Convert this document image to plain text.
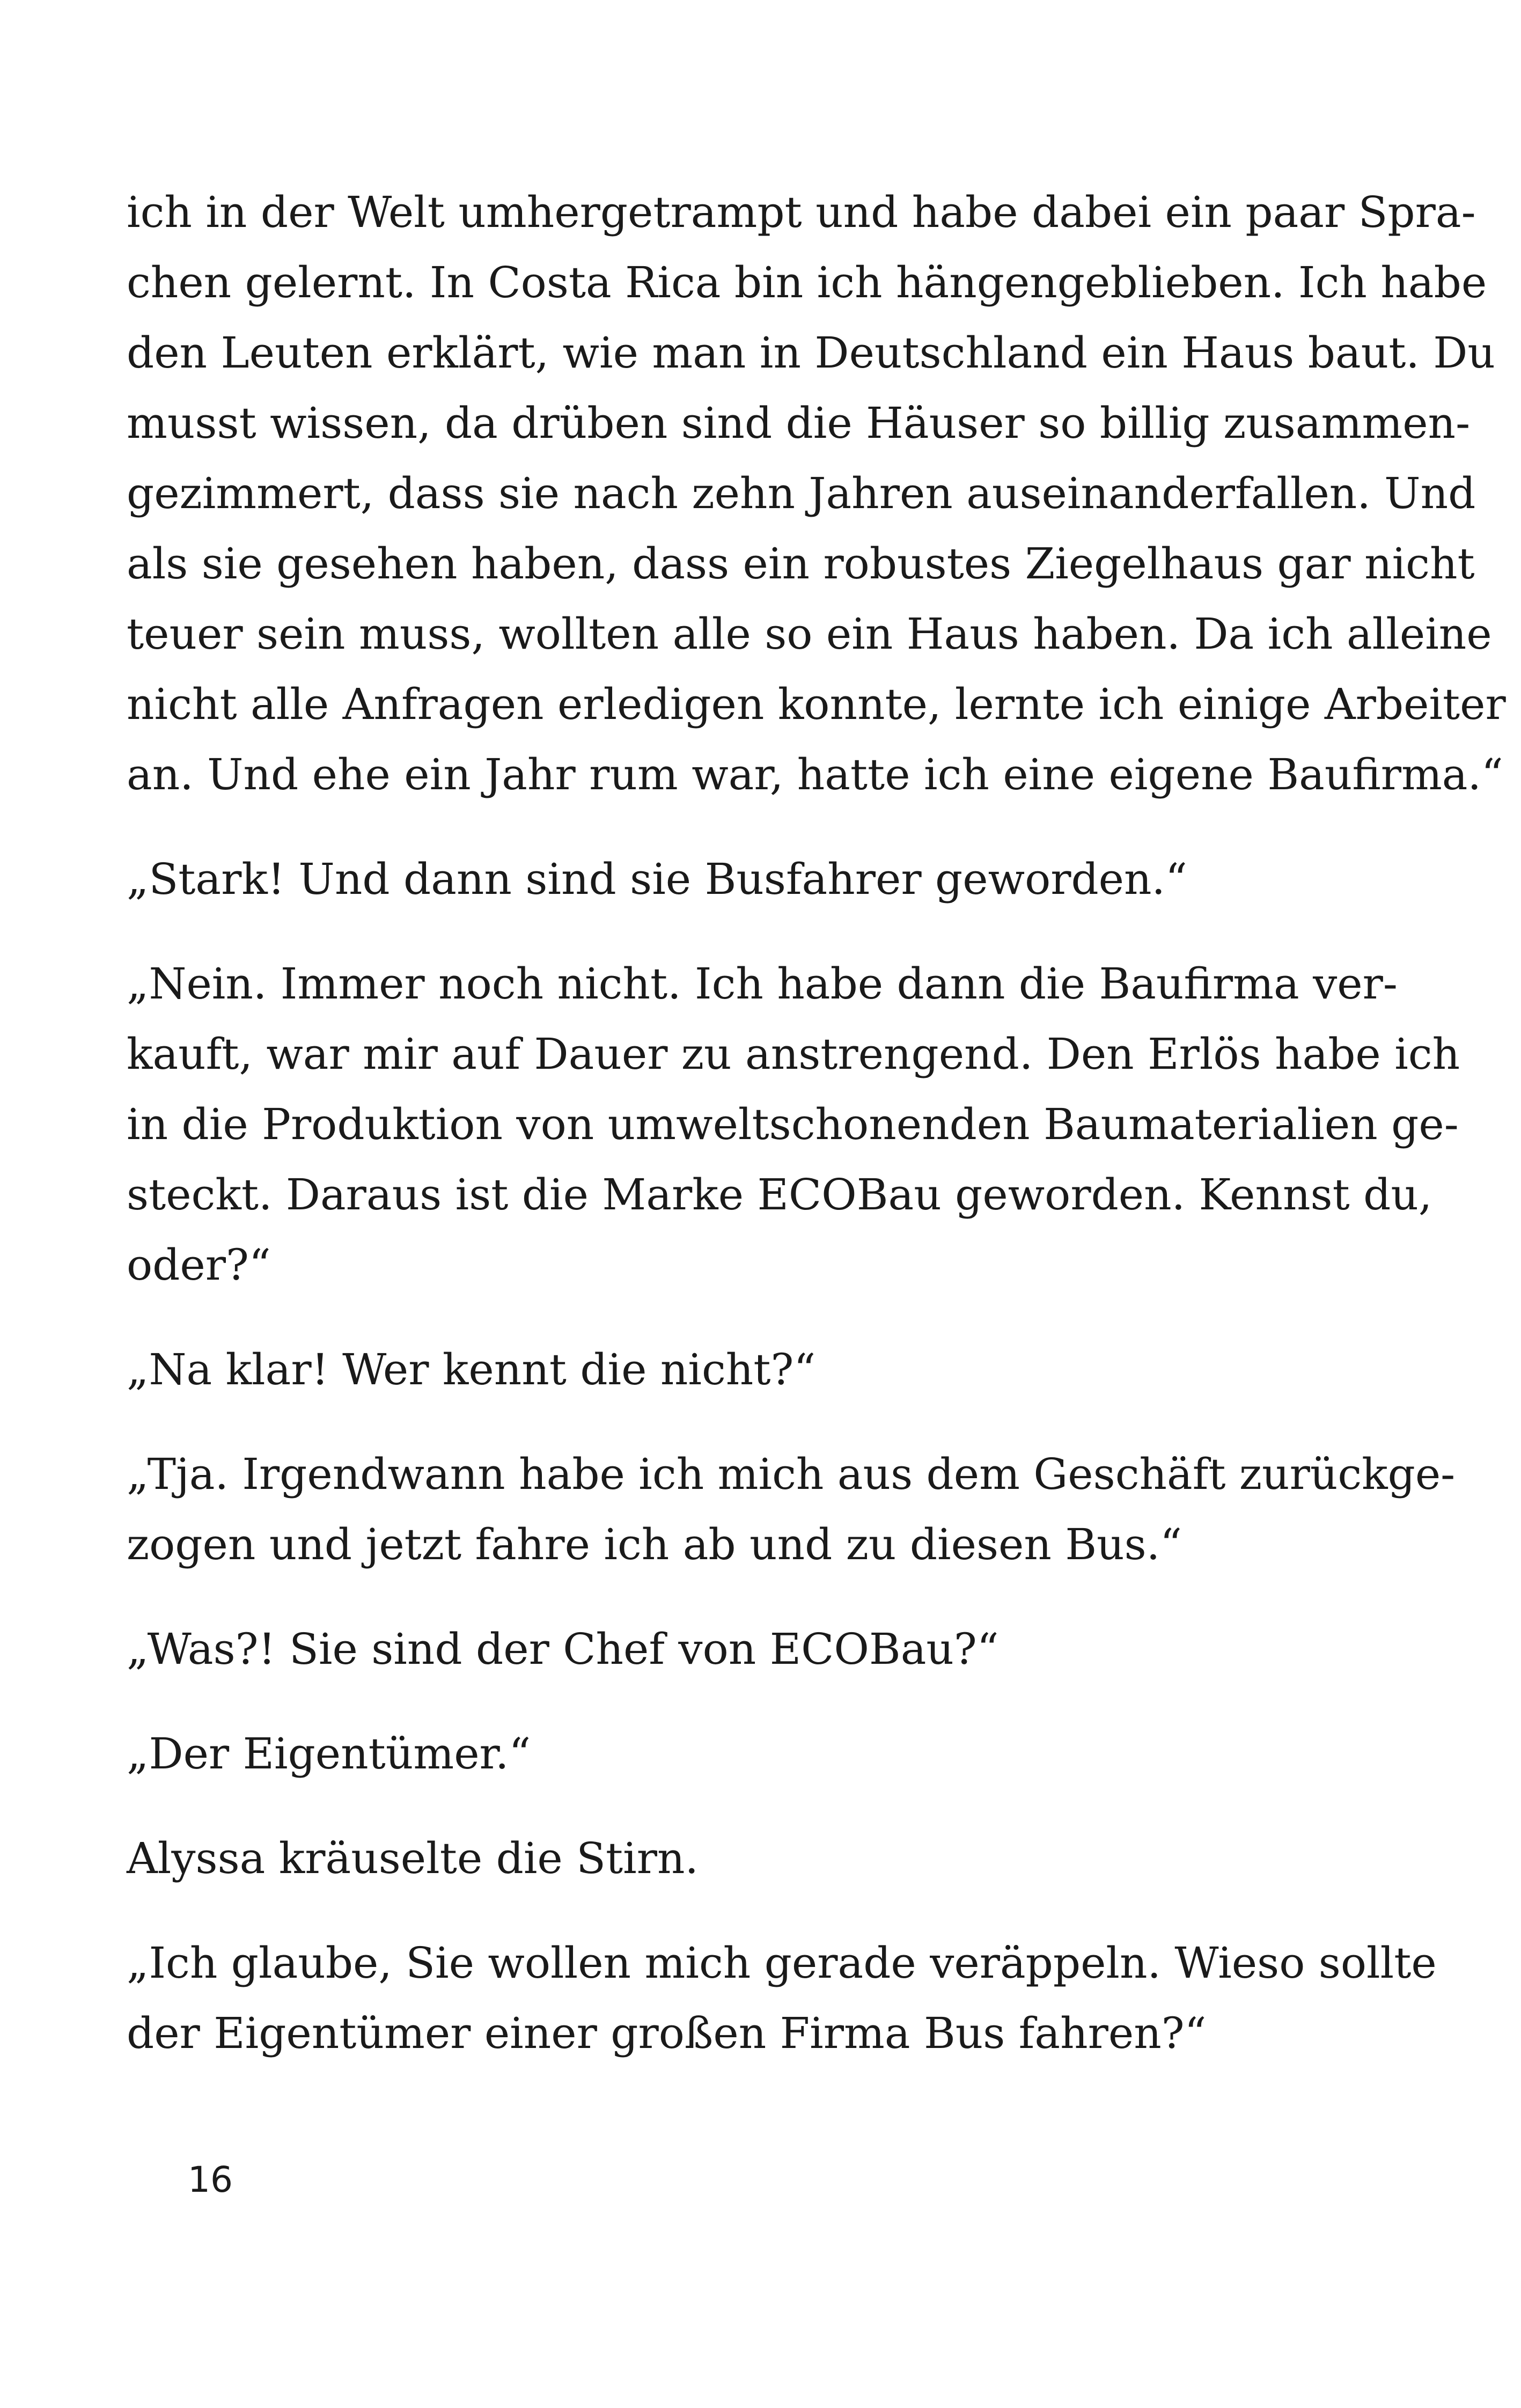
ich in der Welt umhergetrampt und habe dabei ein paar Spra-
chen gelernt. In Costa Rica bin ich hängengeblieben. Ich habe
den Leuten erklärt, wie man in Deutschland ein Haus baut. Du
musst wissen, da drüben sind die Häuser so billig zusammen-
gezimmert, dass sie nach zehn Jahren auseinanderfallen. Und
als sie gesehen haben, dass ein robustes Ziegelhaus gar nicht
teuer sein muss, wollten alle so ein Haus haben. Da ich alleine
nicht alle Anfragen erledigen konnte, lernte ich einige Arbeiter
an. Und ehe ein Jahr rum war, hatte ich eine eigene Baufirma.“
„Stark! Und dann sind sie Busfahrer geworden.“
„Nein. Immer noch nicht. Ich habe dann die Baufirma ver-
kauft, war mir auf Dauer zu anstrengend. Den Erlös habe ich
in die Produktion von umweltschonenden Baumaterialien ge-
steckt. Daraus ist die Marke ECOBau geworden. Kennst du,
oder?“
„Na klar! Wer kennt die nicht?“
„Tja. Irgendwann habe ich mich aus dem Geschäft zurückge-
zogen und jetzt fahre ich ab und zu diesen Bus.“
„Was?! Sie sind der Chef von ECOBau?“
„Der Eigentümer.“
Alyssa kräuselte die Stirn.
„Ich glaube, Sie wollen mich gerade veräppeln. Wieso sollte
der Eigentümer einer großen Firma Bus fahren?“
16
